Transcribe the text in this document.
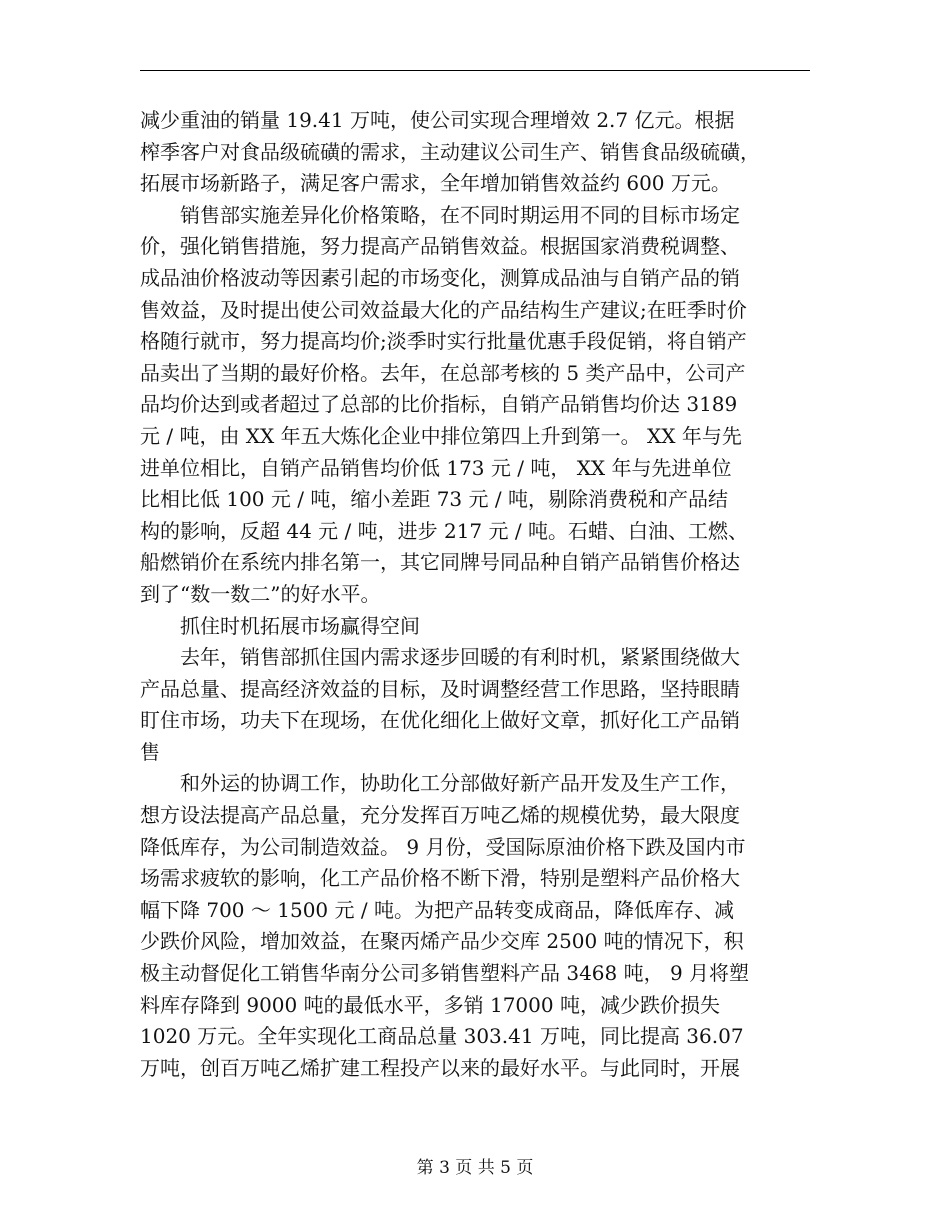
减少重油的销量 19.41 万吨，使公司实现合理增效 2.7 亿元。根据
榨季客户对食品级硫磺的需求，主动建议公司生产、销售食品级硫磺，
拓展市场新路子，满足客户需求，全年增加销售效益约 600 万元。
　　销售部实施差异化价格策略，在不同时期运用不同的目标市场定
价，强化销售措施，努力提高产品销售效益。根据国家消费税调整、
成品油价格波动等因素引起的市场变化，测算成品油与自销产品的销
售效益，及时提出使公司效益最大化的产品结构生产建议;在旺季时价
格随行就市，努力提高均价;淡季时实行批量优惠手段促销，将自销产
品卖出了当期的最好价格。去年，在总部考核的 5 类产品中，公司产
品均价达到或者超过了总部的比价指标，自销产品销售均价达 3189
元 / 吨，由 XX 年五大炼化企业中排位第四上升到第一。 XX 年与先
进单位相比，自销产品销售均价低 173 元 / 吨， XX 年与先进单位
比相比低 100 元 / 吨，缩小差距 73 元 / 吨，剔除消费税和产品结
构的影响，反超 44 元 / 吨，进步 217 元 / 吨。石蜡、白油、工燃、
船燃销价在系统内排名第一，其它同牌号同品种自销产品销售价格达
到了“数一数二”的好水平。
　　抓住时机拓展市场赢得空间
　　去年，销售部抓住国内需求逐步回暖的有利时机，紧紧围绕做大
产品总量、提高经济效益的目标，及时调整经营工作思路，坚持眼睛
盯住市场，功夫下在现场，在优化细化上做好文章，抓好化工产品销
售
　　和外运的协调工作，协助化工分部做好新产品开发及生产工作，
想方设法提高产品总量，充分发挥百万吨乙烯的规模优势，最大限度
降低库存，为公司制造效益。 9 月份，受国际原油价格下跌及国内市
场需求疲软的影响，化工产品价格不断下滑，特别是塑料产品价格大
幅下降 700 ～ 1500 元 / 吨。为把产品转变成商品，降低库存、减
少跌价风险，增加效益，在聚丙烯产品少交库 2500 吨的情况下，积
极主动督促化工销售华南分公司多销售塑料产品 3468 吨， 9 月将塑
料库存降到 9000 吨的最低水平，多销 17000 吨，减少跌价损失
1020 万元。全年实现化工商品总量 303.41 万吨，同比提高 36.07
万吨，创百万吨乙烯扩建工程投产以来的最好水平。与此同时，开展
第 3 页 共 5 页
